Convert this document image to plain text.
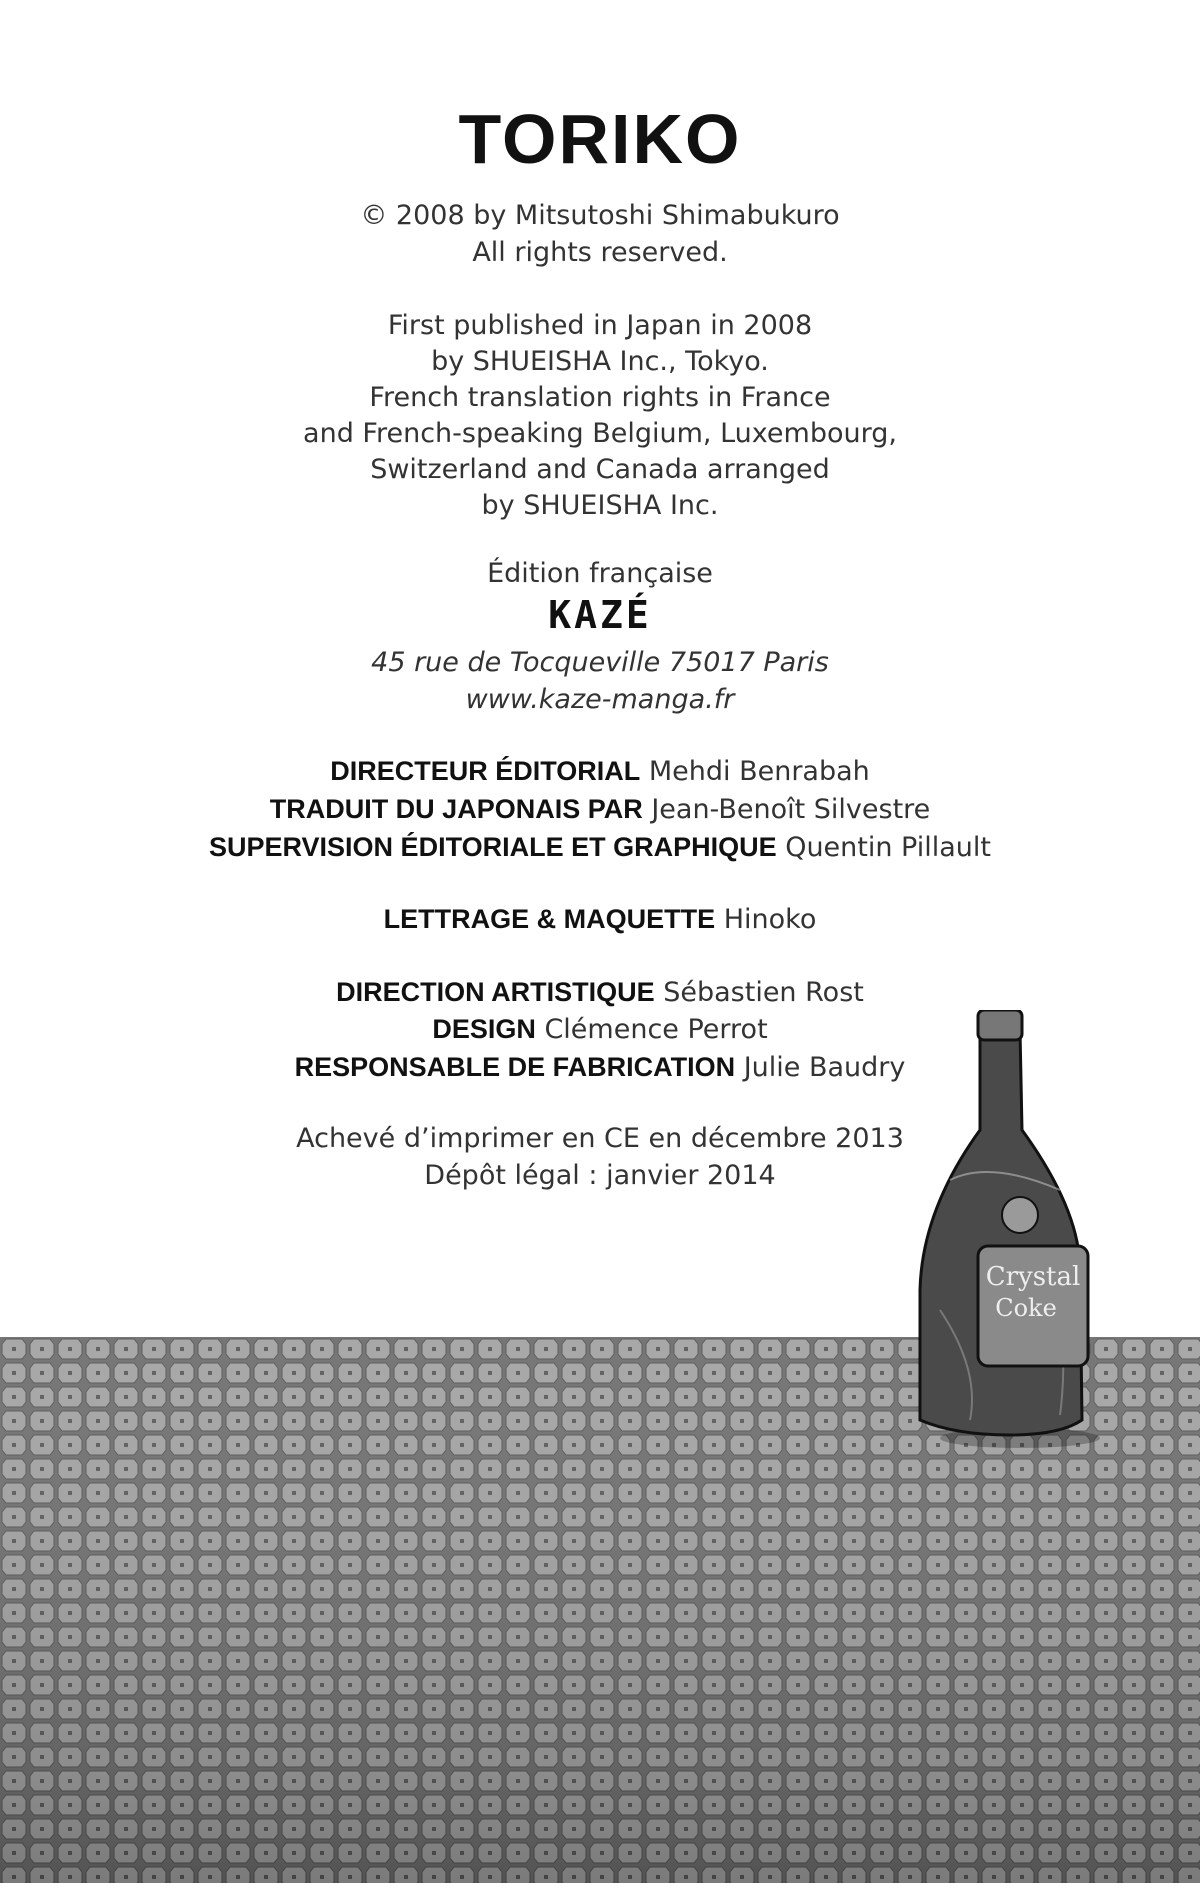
TORIKO
© 2008 by Mitsutoshi Shimabukuro
All rights reserved.
First published in Japan in 2008
by SHUEISHA Inc., Tokyo.
French translation rights in France
and French-speaking Belgium, Luxembourg,
Switzerland and Canada arranged
by SHUEISHA Inc.
Édition française
KAZÉ
45 rue de Tocqueville 75017 Paris
www.kaze-manga.fr
DIRECTEUR ÉDITORIAL Mehdi Benrabah
TRADUIT DU JAPONAIS PAR Jean-Benoît Silvestre
SUPERVISION ÉDITORIALE ET GRAPHIQUE Quentin Pillault
LETTRAGE & MAQUETTE Hinoko
DIRECTION ARTISTIQUE Sébastien Rost
DESIGN Clémence Perrot
RESPONSABLE DE FABRICATION Julie Baudry
Achevé d’imprimer en CE en décembre 2013
Dépôt légal : janvier 2014
Crystal
Coke
